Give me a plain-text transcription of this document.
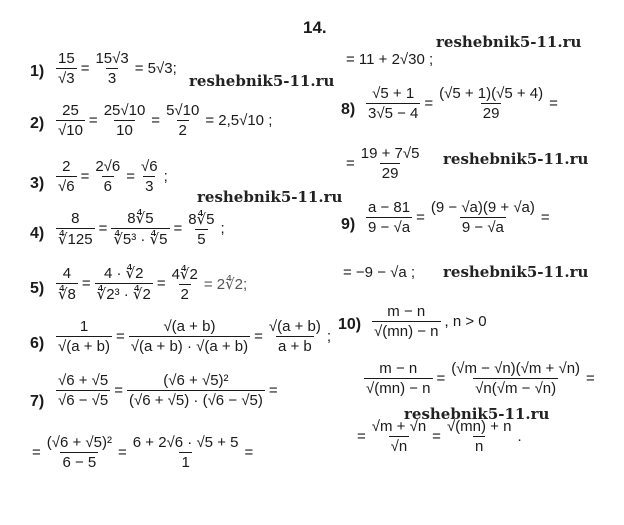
14.
reshebnik5-11.ru
reshebnik5-11.ru
reshebnik5-11.ru
reshebnik5-11.ru
reshebnik5-11.ru
reshebnik5-11.ru
$1) \frac{15}{√3} = \frac{15√3}{3} = 5√3$;
$2) \frac{25}{√10} = \frac{25√10}{10} = \frac{5√10}{2} = 2,5√10$ ;
$3) \frac{2}{√6} = \frac{2√6}{6} = \frac{√6}{3}$ ;
$4) \frac{8}{∜125} = \frac{8∜5}{\text{∜5³ · ∜5}} = \frac{8∜5}{5}$ ;
$5) \frac{4}{∜8} = \frac{4 \cdot ∜2}{\text{∜2³ · ∜2}} = \frac{4∜2}{2}$ = 2∜2;
$6) \frac{1}{√(a + b)} = \frac{√(a + b)}{√(a + b) \cdot √(a + b)} = \frac{√(a + b)}{a + b}$ ;
$7) \frac{√6 + √5}{√6 - √5} = \frac{\text{(√6 + √5)²}}{(√6 + √5) \cdot (√6 - √5)}$ =
= $\frac{\text{(√6 + √5)²}}{6 - 5} = \frac{6 + 2√6 \cdot √5 + 5}{1}$ =
= 11 + 2√30 ;
$8) \frac{√5 + 1}{3√5 - 4} = \frac{(√5 + 1)(√5 + 4)}{29}$ =
= $\frac{19 + 7√5}{29}$
$9) \frac{a - 81}{9 - √a} = \frac{(9 - √a)(9 + √a)}{9 - √a}$ =
= −9 − √a ;
$10) \frac{m - n}{√(mn) - n}$ , n > 0
$\frac{m - n}{√(mn) - n} = \frac{(√m - √n)(√m + √n)}{√n(√m - √n)}$ =
= $\frac{√m + √n}{√n} = \frac{√(mn) + n}{n}$ .
